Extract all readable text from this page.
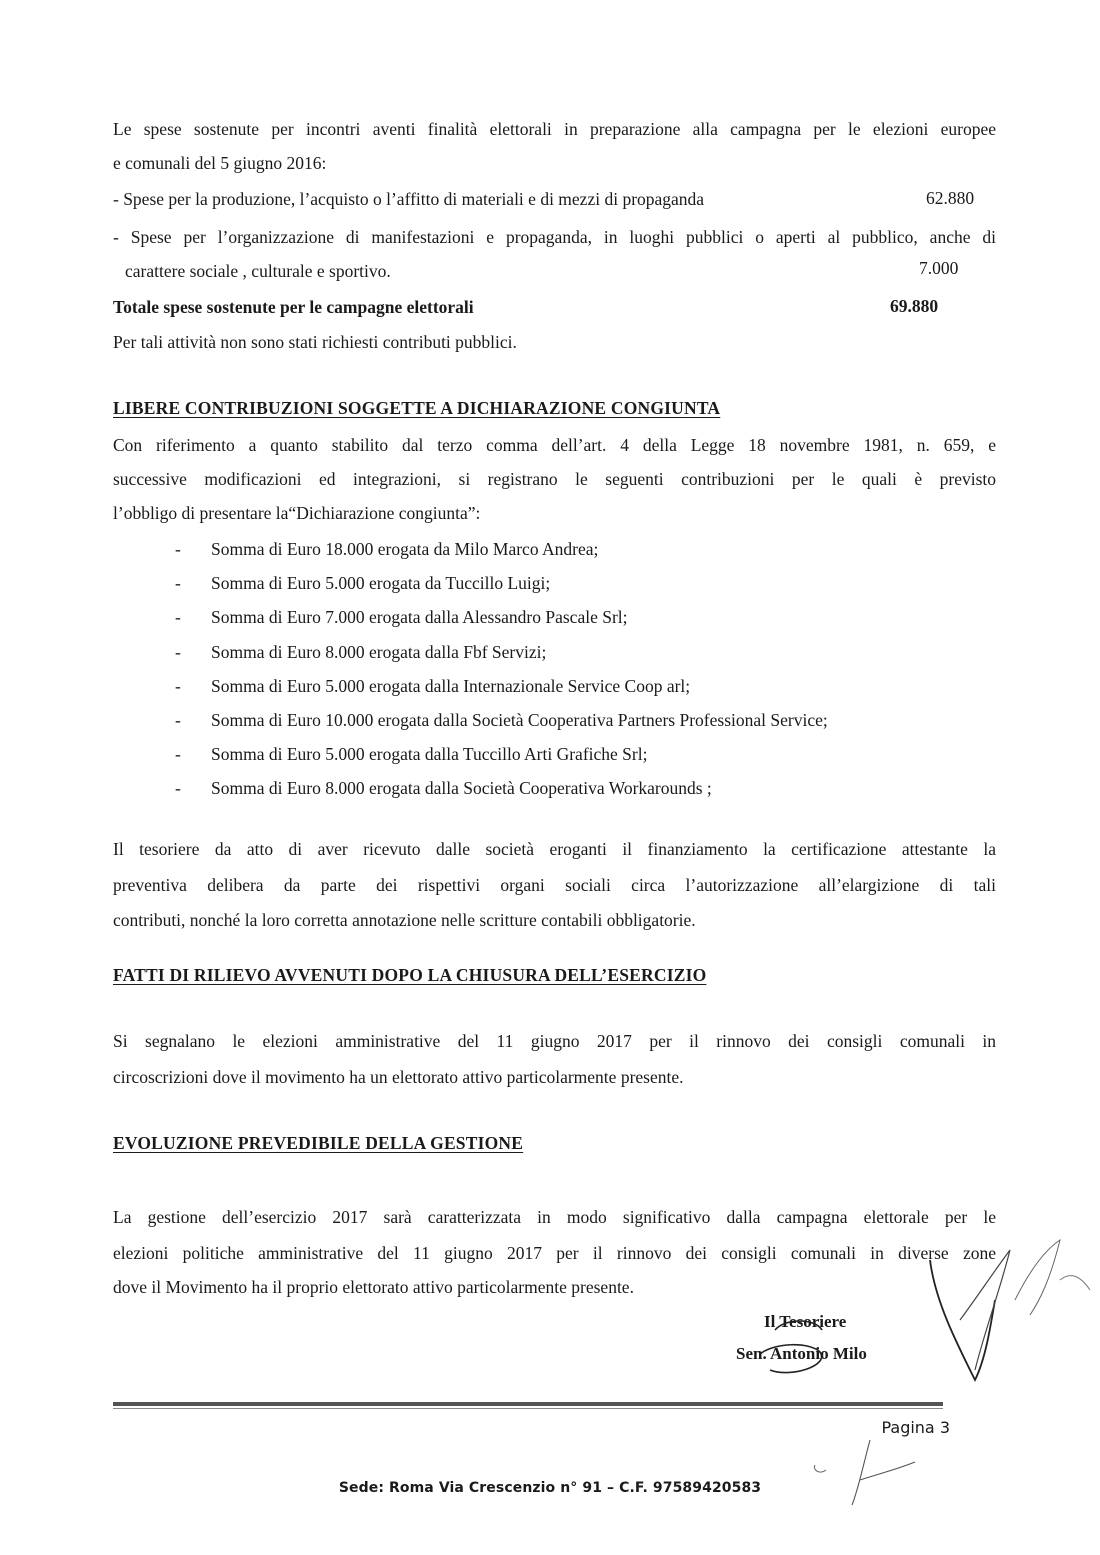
Le spese sostenute per incontri aventi finalità elettorali in preparazione alla campagna per le elezioni europee

e comunali del 5 giugno 2016:

- Spese per la produzione, l’acquisto o l’affitto di materiali e di mezzi di propaganda	62.880

- Spese per l’organizzazione di manifestazioni e propaganda, in luoghi pubblici o aperti al pubblico, anche di

carattere sociale , culturale e sportivo.	7.000

Totale spese sostenute per le campagne elettorali	69.880

Per tali attività non sono stati richiesti contributi pubblici.

LIBERE CONTRIBUZIONI SOGGETTE A DICHIARAZIONE CONGIUNTA

Con riferimento a quanto stabilito dal terzo comma dell’art. 4 della Legge 18 novembre 1981, n. 659, e

successive modificazioni ed integrazioni, si registrano le seguenti contribuzioni per le quali è previsto

l’obbligo di presentare la“Dichiarazione congiunta”:

- Somma di Euro 18.000 erogata da Milo Marco Andrea;
- Somma di Euro 5.000 erogata da Tuccillo Luigi;
- Somma di Euro 7.000 erogata dalla Alessandro Pascale Srl;
- Somma di Euro 8.000 erogata dalla Fbf Servizi;
- Somma di Euro 5.000 erogata dalla Internazionale Service Coop arl;
- Somma di Euro 10.000 erogata dalla Società Cooperativa Partners Professional Service;
- Somma di Euro 5.000 erogata dalla Tuccillo Arti Grafiche Srl;
- Somma di Euro 8.000 erogata dalla Società Cooperativa Workarounds ;

Il tesoriere da atto di aver ricevuto dalle società eroganti il finanziamento la certificazione attestante la

preventiva delibera da parte dei rispettivi organi sociali circa l’autorizzazione all’elargizione di tali

contributi, nonché la loro corretta annotazione nelle scritture contabili obbligatorie.

FATTI DI RILIEVO AVVENUTI DOPO LA CHIUSURA DELL’ESERCIZIO

Si segnalano le elezioni amministrative del 11 giugno 2017 per il rinnovo dei consigli comunali in

circoscrizioni dove il movimento ha un elettorato attivo particolarmente presente.

EVOLUZIONE PREVEDIBILE DELLA GESTIONE

La gestione dell’esercizio 2017 sarà caratterizzata in modo significativo dalla campagna elettorale per le

elezioni politiche amministrative del 11 giugno 2017 per il rinnovo dei consigli comunali in diverse zone

dove il Movimento ha il proprio elettorato attivo particolarmente presente.

Il Tesoriere
Sen. Antonio Milo
Pagina 3
Sede: Roma Via Crescenzio n° 91 – C.F. 97589420583
